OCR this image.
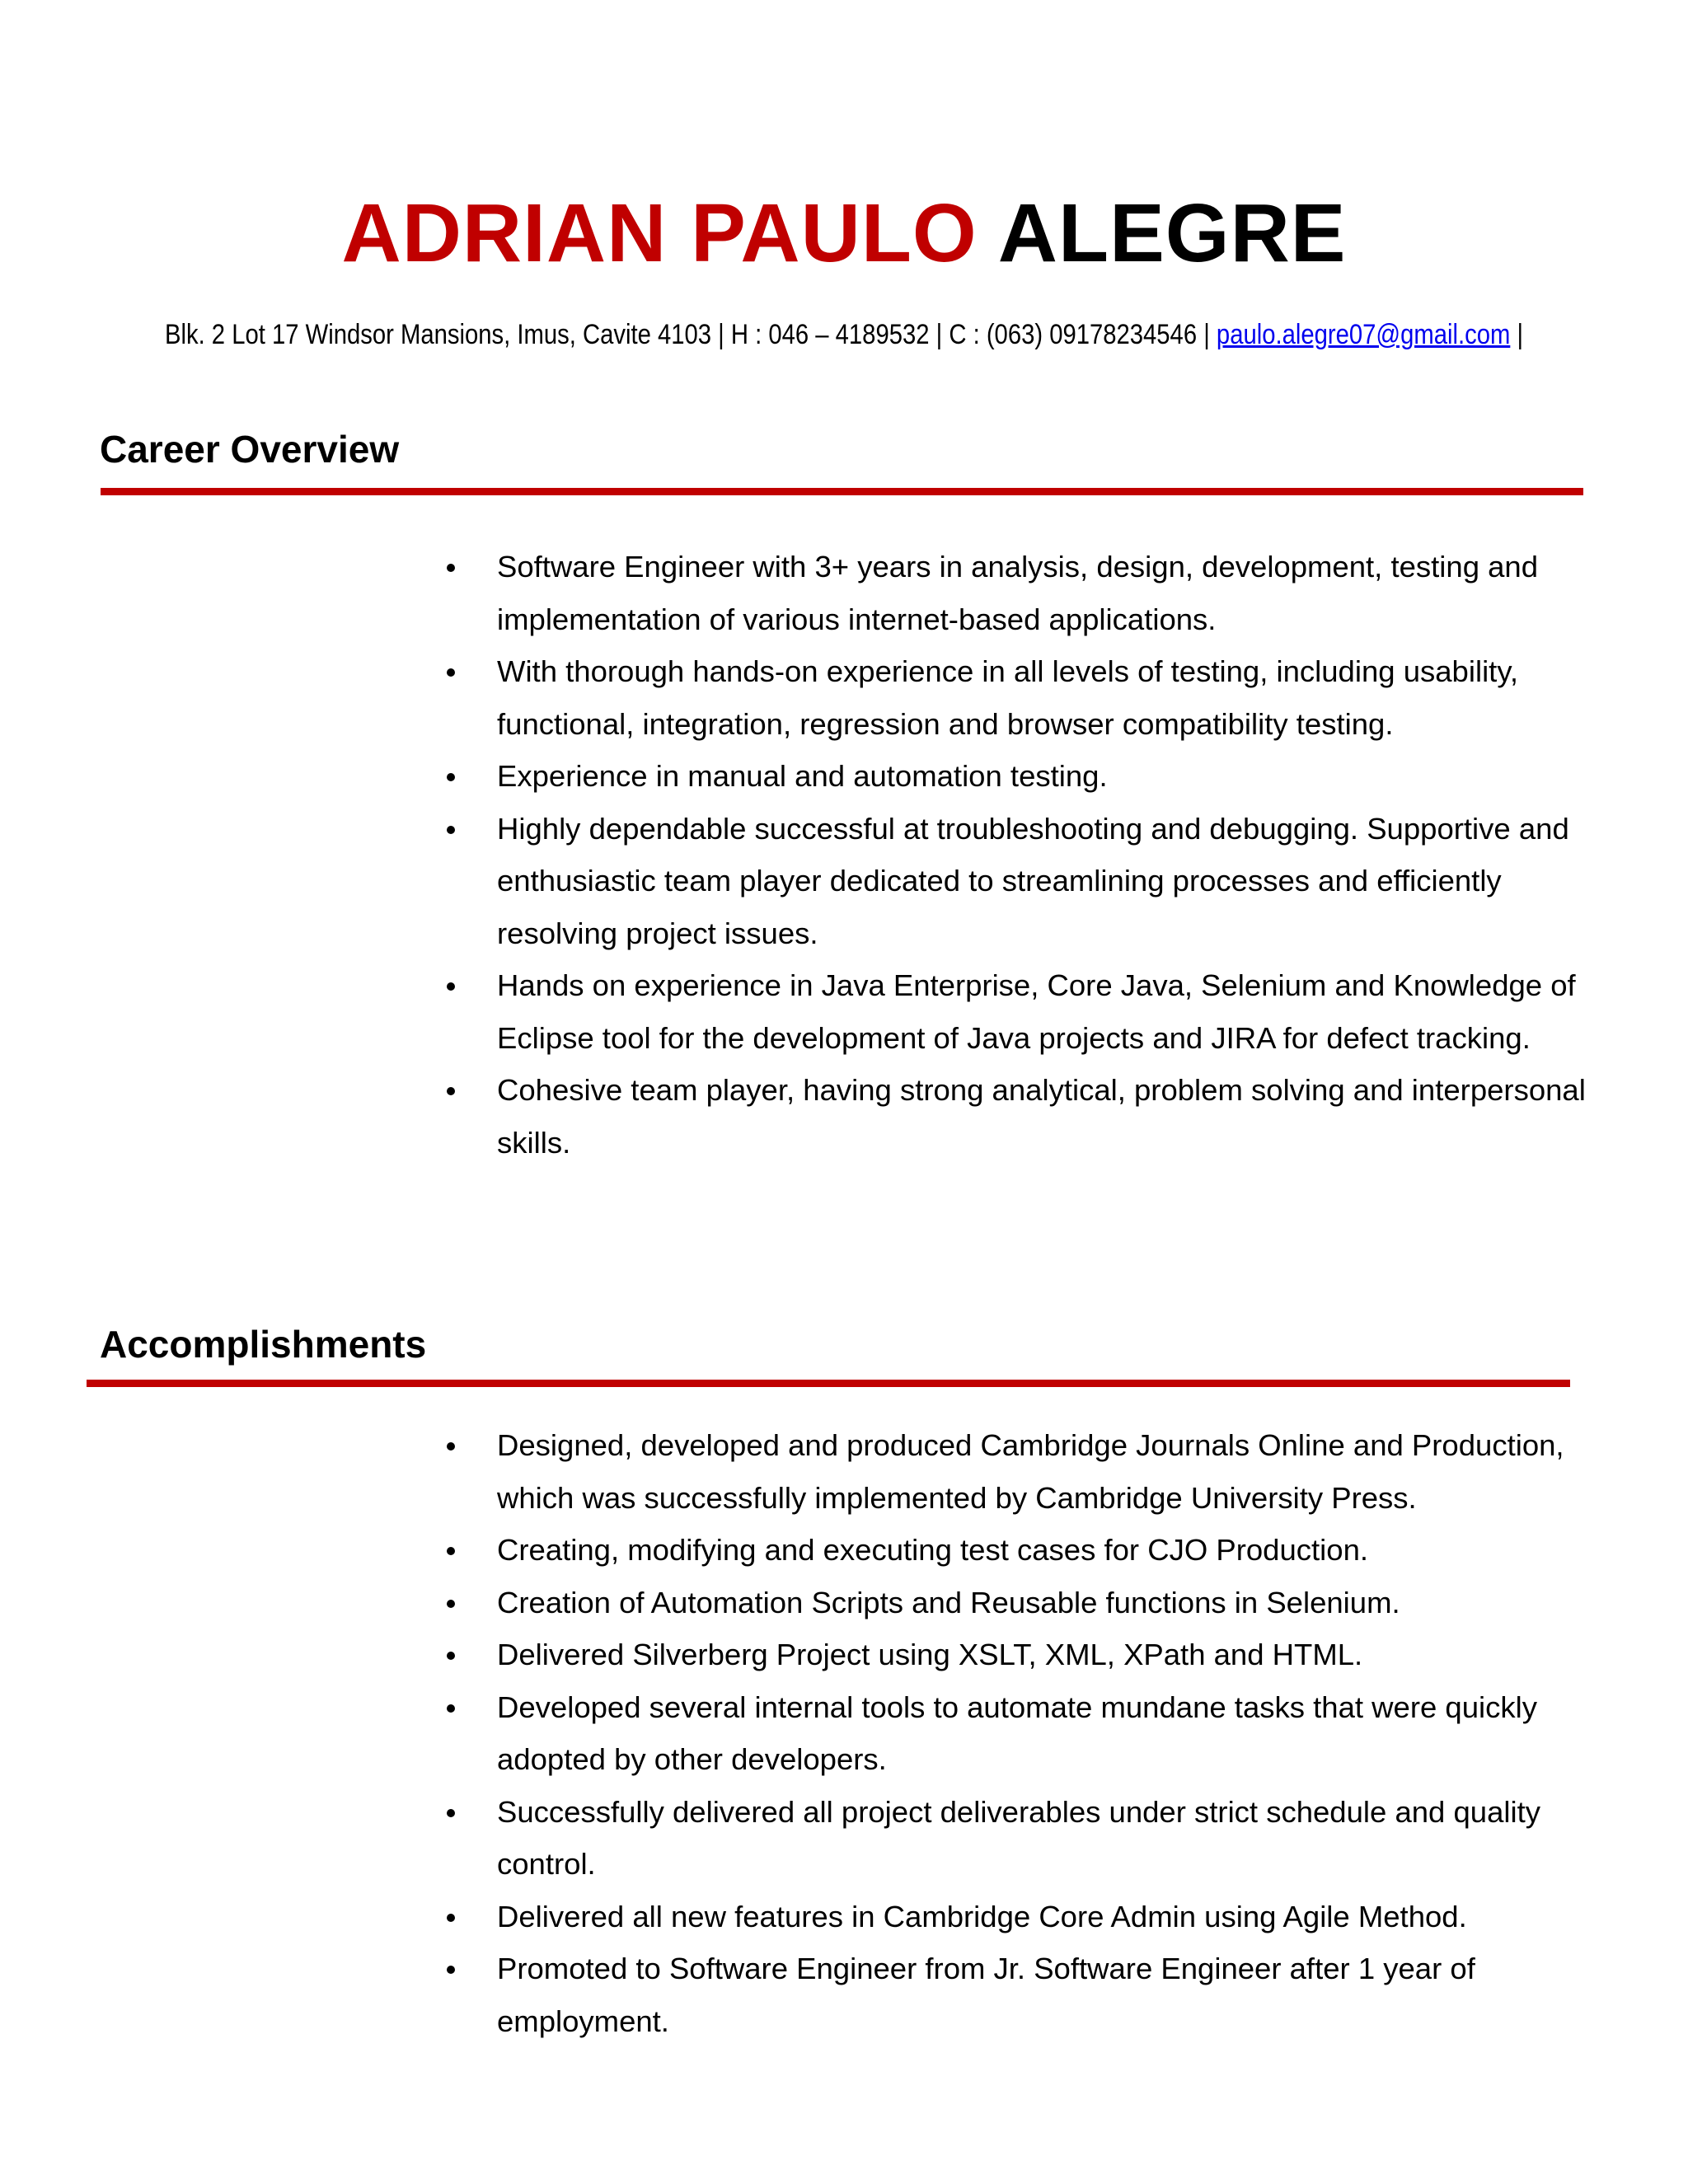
ADRIAN PAULO ALEGRE
Blk. 2 Lot 17 Windsor Mansions, Imus, Cavite 4103 | H : 046 – 4189532 | C : (063) 09178234546 | paulo.alegre07@gmail.com |
Career Overview
Software Engineer with 3+ years in analysis, design, development, testing and implementation of various internet-based applications.
With thorough hands-on experience in all levels of testing, including usability, functional, integration, regression and browser compatibility testing.
Experience in manual and automation testing.
Highly dependable successful at troubleshooting and debugging. Supportive and enthusiastic team player dedicated to streamlining processes and efficiently resolving project issues.
Hands on experience in Java Enterprise, Core Java, Selenium and Knowledge of Eclipse tool for the development of Java projects and JIRA for defect tracking.
Cohesive team player, having strong analytical, problem solving and interpersonal skills.
Accomplishments
Designed, developed and produced Cambridge Journals Online and Production, which was successfully implemented by Cambridge University Press.
Creating, modifying and executing test cases for CJO Production.
Creation of Automation Scripts and Reusable functions in Selenium.
Delivered Silverberg Project using XSLT, XML, XPath and HTML.
Developed several internal tools to automate mundane tasks that were quickly adopted by other developers.
Successfully delivered all project deliverables under strict schedule and quality control.
Delivered all new features in Cambridge Core Admin using Agile Method.
Promoted to Software Engineer from Jr. Software Engineer after 1 year of employment.
